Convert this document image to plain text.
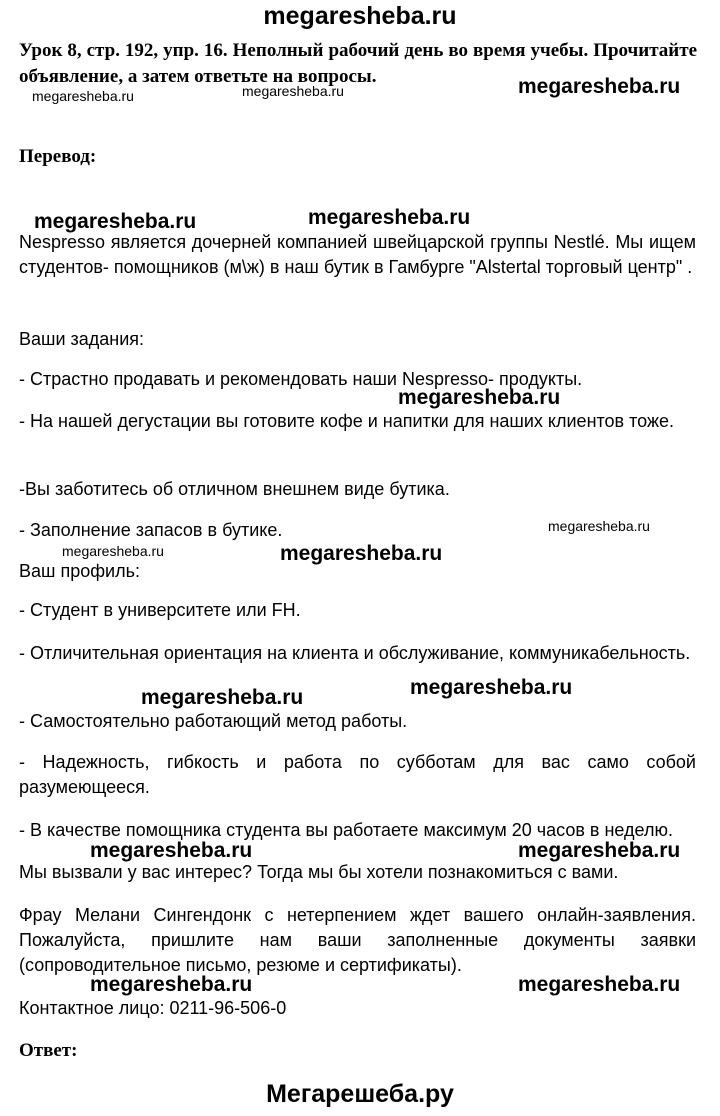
megaresheba.ru
Урок 8, стр. 192, упр. 16. Неполный рабочий день во время учебы. Прочитайте объявление, а затем ответьте на вопросы.
Перевод:
Nespresso является дочерней компанией швейцарской группы Nestlé. Мы ищем студентов- помощников (м\ж) в наш бутик в Гамбурге "Alstertal торговый центр" .
Ваши задания:
- Страстно продавать и рекомендовать наши Nespresso- продукты.
- На нашей дегустации вы готовите кофе и напитки для наших клиентов тоже.
-Вы заботитесь об отличном внешнем виде бутика.
- Заполнение запасов в бутике.
Ваш профиль:
- Студент в университете или FH.
- Отличительная ориентация на клиента и обслуживание, коммуникабельность.
- Самостоятельно работающий метод работы.
- Надежность, гибкость и работа по субботам для вас само собой разумеющееся.
- В качестве помощника студента вы работаете максимум 20 часов в неделю.
Мы вызвали у вас интерес? Тогда мы бы хотели познакомиться с вами.
Фрау Мелани Сингендонк с нетерпением ждет вашего онлайн-заявления. Пожалуйста, пришлите нам ваши заполненные документы заявки (сопроводительное письмо, резюме и сертификаты).
Контактное лицо: 0211-96-506-0
Ответ:
megaresheba.ru
megaresheba.ru	megaresheba.ru
megaresheba.ru	megaresheba.ru
megaresheba.ru
megaresheba.ru
megaresheba.ru	megaresheba.ru
megaresheba.ru	megaresheba.ru
megaresheba.ru	megaresheba.ru
megaresheba.ru	megaresheba.ru
Мегарешеба.ру
